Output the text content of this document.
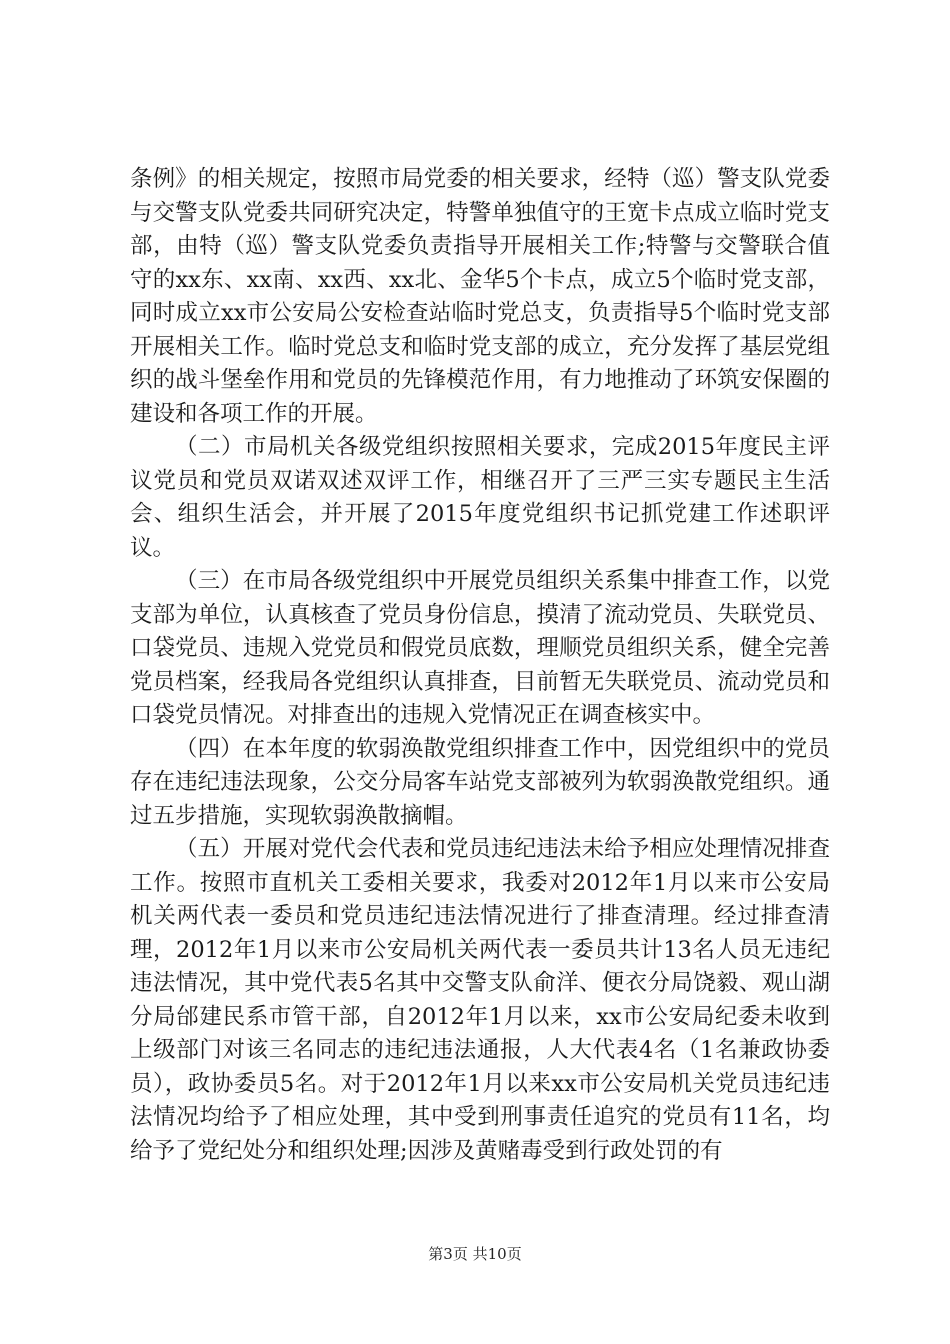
条例》的相关规定，按照市局党委的相关要求，经特（巡）警支队党委与交警支队党委共同研究决定，特警单独值守的王宽卡点成立临时党支部，由特（巡）警支队党委负责指导开展相关工作;特警与交警联合值守的xx东、xx南、xx西、xx北、金华5个卡点，成立5个临时党支部，同时成立xx市公安局公安检查站临时党总支，负责指导5个临时党支部开展相关工作。临时党总支和临时党支部的成立，充分发挥了基层党组织的战斗堡垒作用和党员的先锋模范作用，有力地推动了环筑安保圈的建设和各项工作的开展。

（二）市局机关各级党组织按照相关要求，完成2015年度民主评议党员和党员双诺双述双评工作，相继召开了三严三实专题民主生活会、组织生活会，并开展了2015年度党组织书记抓党建工作述职评议。

（三）在市局各级党组织中开展党员组织关系集中排查工作，以党支部为单位，认真核查了党员身份信息，摸清了流动党员、失联党员、口袋党员、违规入党党员和假党员底数，理顺党员组织关系，健全完善党员档案，经我局各党组织认真排查，目前暂无失联党员、流动党员和口袋党员情况。对排查出的违规入党情况正在调查核实中。

（四）在本年度的软弱涣散党组织排查工作中，因党组织中的党员存在违纪违法现象，公交分局客车站党支部被列为软弱涣散党组织。通过五步措施，实现软弱涣散摘帽。

（五）开展对党代会代表和党员违纪违法未给予相应处理情况排查工作。按照市直机关工委相关要求，我委对2012年1月以来市公安局机关两代表一委员和党员违纪违法情况进行了排查清理。经过排查清理，2012年1月以来市公安局机关两代表一委员共计13名人员无违纪违法情况，其中党代表5名其中交警支队俞洋、便衣分局饶毅、观山湖分局邰建民系市管干部，自2012年1月以来，xx市公安局纪委未收到上级部门对该三名同志的违纪违法通报，人大代表4名（1名兼政协委员），政协委员5名。对于2012年1月以来xx市公安局机关党员违纪违法情况均给予了相应处理，其中受到刑事责任追究的党员有11名，均给予了党纪处分和组织处理;因涉及黄赌毒受到行政处罚的有

第3页 共10页
